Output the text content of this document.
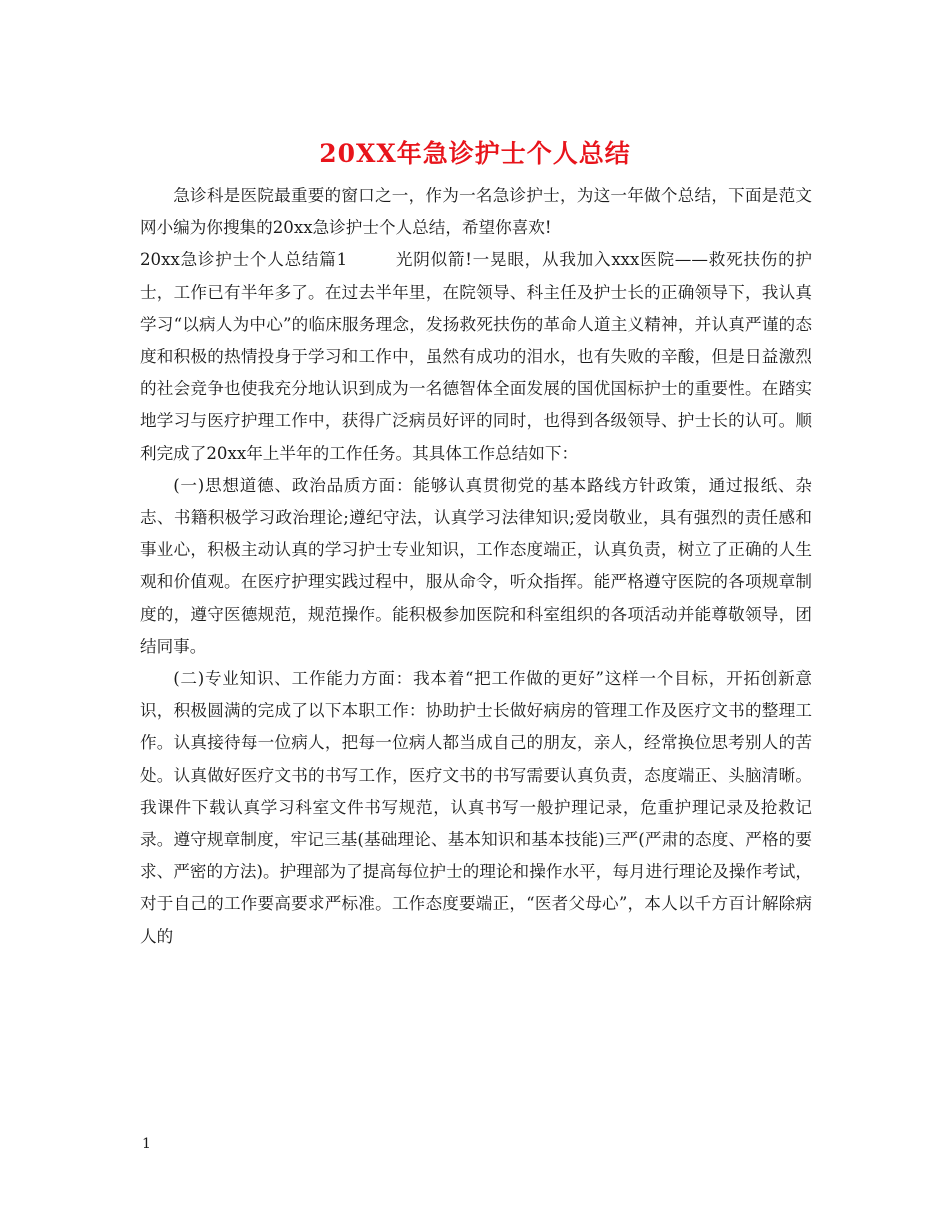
20XX年急诊护士个人总结

急诊科是医院最重要的窗口之一，作为一名急诊护士，为这一年做个总结，下面是范文网小编为你搜集的20xx急诊护士个人总结，希望你喜欢!

20xx急诊护士个人总结篇1	光阴似箭!一晃眼，从我加入xxx医院——救死扶伤的护士，工作已有半年多了。在过去半年里，在院领导、科主任及护士长的正确领导下，我认真学习“以病人为中心”的临床服务理念，发扬救死扶伤的革命人道主义精神，并认真严谨的态度和积极的热情投身于学习和工作中，虽然有成功的泪水，也有失败的辛酸，但是日益激烈的社会竞争也使我充分地认识到成为一名德智体全面发展的国优国标护士的重要性。在踏实地学习与医疗护理工作中，获得广泛病员好评的同时，也得到各级领导、护士长的认可。顺利完成了20xx年上半年的工作任务。其具体工作总结如下：

(一)思想道德、政治品质方面：能够认真贯彻党的基本路线方针政策，通过报纸、杂志、书籍积极学习政治理论;遵纪守法，认真学习法律知识;爱岗敬业，具有强烈的责任感和事业心，积极主动认真的学习护士专业知识，工作态度端正，认真负责，树立了正确的人生观和价值观。在医疗护理实践过程中，服从命令，听众指挥。能严格遵守医院的各项规章制度的，遵守医德规范，规范操作。能积极参加医院和科室组织的各项活动并能尊敬领导，团结同事。

(二)专业知识、工作能力方面：我本着“把工作做的更好”这样一个目标，开拓创新意识，积极圆满的完成了以下本职工作：协助护士长做好病房的管理工作及医疗文书的整理工作。认真接待每一位病人，把每一位病人都当成自己的朋友，亲人，经常换位思考别人的苦处。认真做好医疗文书的书写工作，医疗文书的书写需要认真负责，态度端正、头脑清晰。我课件下载认真学习科室文件书写规范，认真书写一般护理记录，危重护理记录及抢救记录。遵守规章制度，牢记三基(基础理论、基本知识和基本技能)三严(严肃的态度、严格的要求、严密的方法)。护理部为了提高每位护士的理论和操作水平，每月进行理论及操作考试，对于自己的工作要高要求严标准。工作态度要端正，“医者父母心”，本人以千方百计解除病人的

1
